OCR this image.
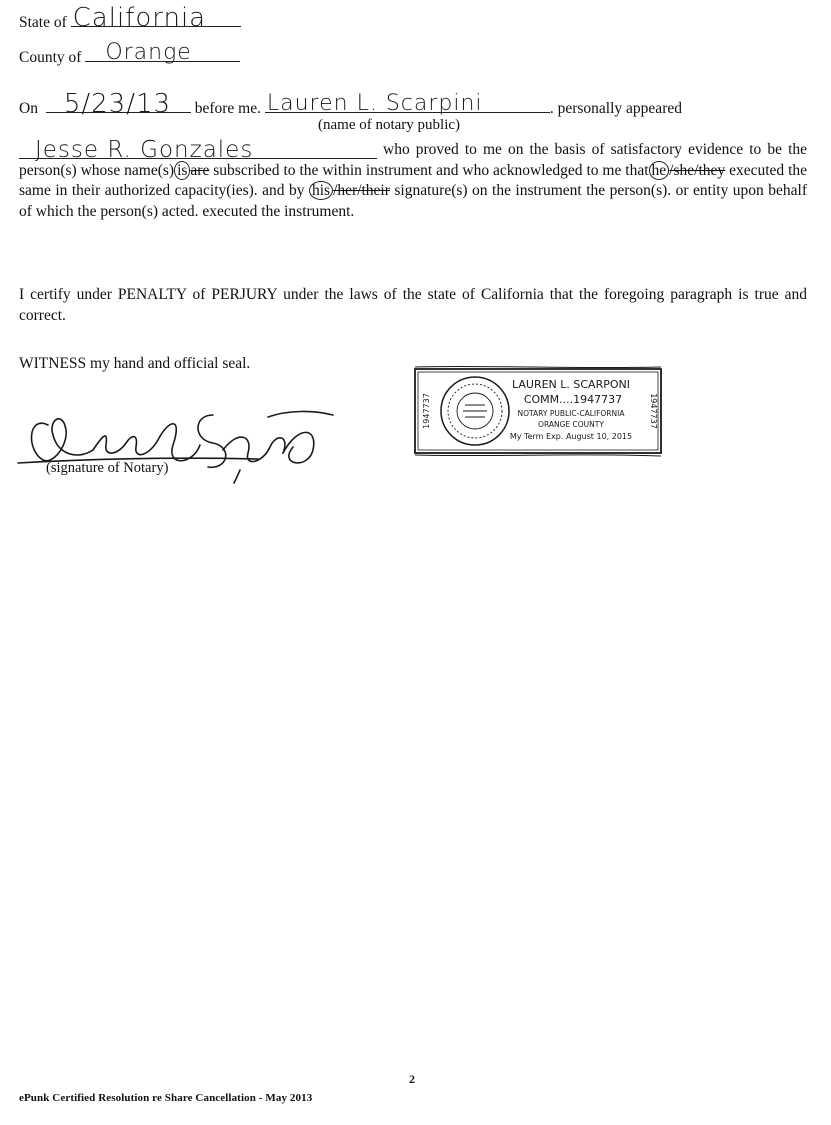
State of California
County of Orange
On 5/23/13 before me. Lauren L. Scarpini	. personally appeared
(name of notary public)
Jesse R. Gonzales	who proved to me on the basis of satisfactory evidence to be the person(s) whose name(s) is are subscribed to the within instrument and who acknowledged to me that he /she/they executed the same in their authorized capacity(ies). and by his /her/their signature(s) on the instrument the person(s). or entity upon behalf of which the person(s) acted. executed the instrument.
I certify under PENALTY of PERJURY under the laws of the state of California that the foregoing paragraph is true and correct.
WITNESS my hand and official seal.
(signature of Notary)
LAUREN L. SCARPONI
COMM....1947737
NOTARY PUBLIC-CALIFORNIA
ORANGE COUNTY
My Term Exp. August 10, 2015
1947737	1947737
2
ePunk Certified Resolution re Share Cancellation - May 2013
